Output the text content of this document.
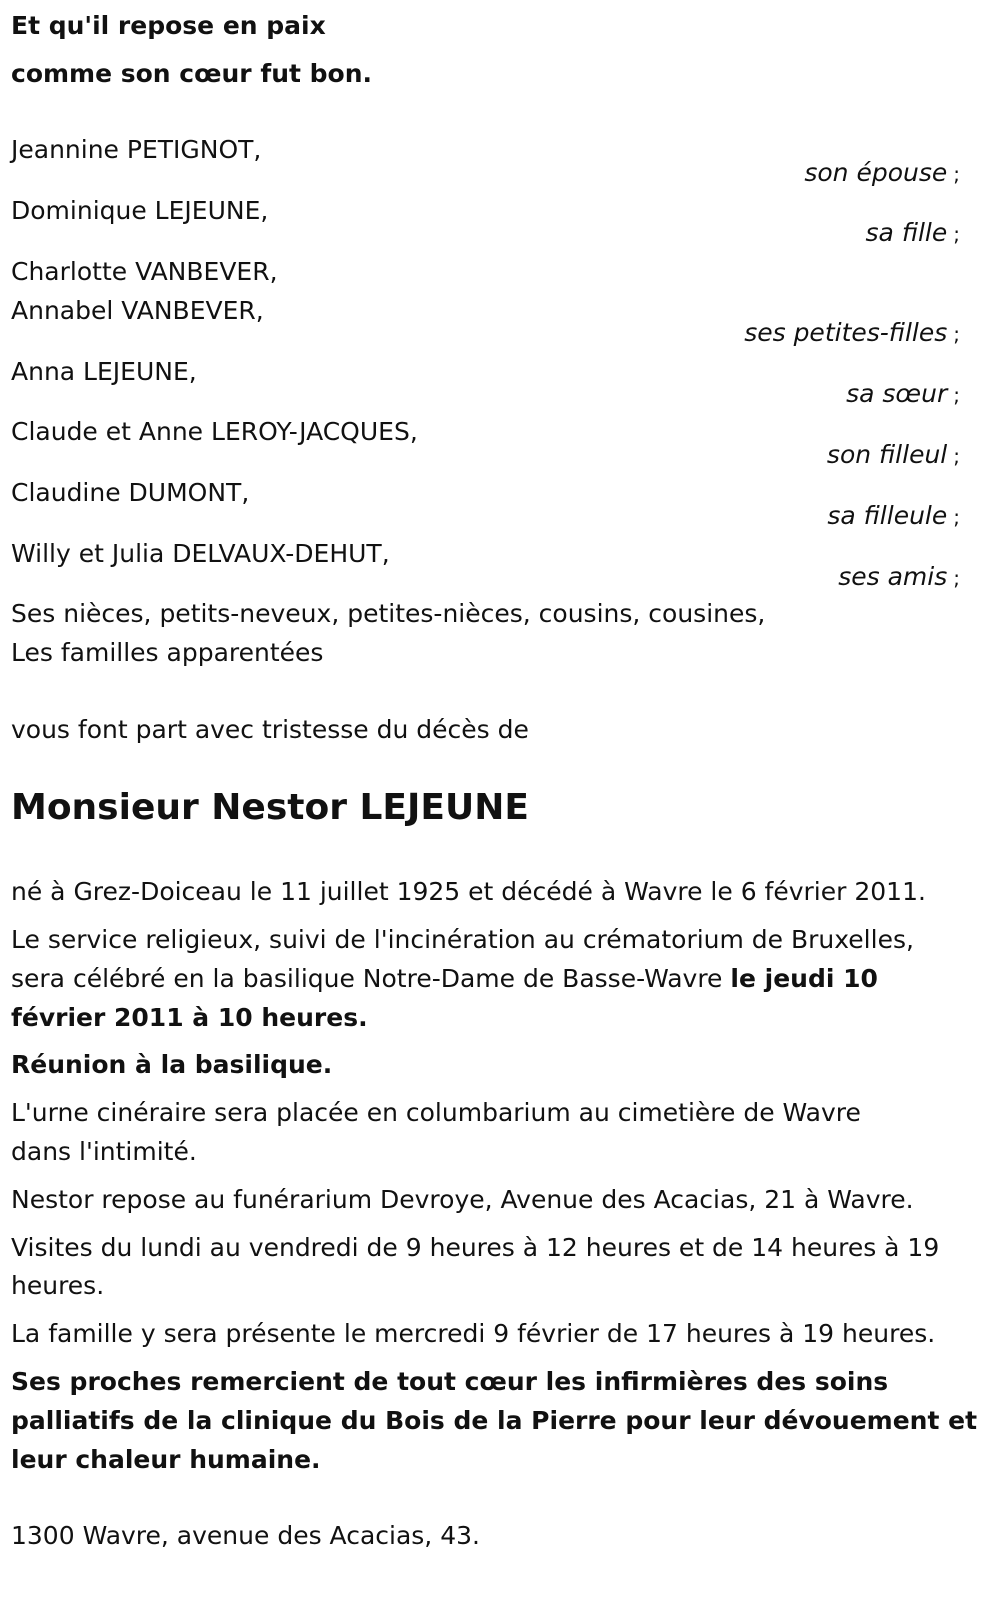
Et qu'il repose en paix
comme son cœur fut bon.
Jeannine PETIGNOT,
son épouse ;
Dominique LEJEUNE,
sa fille ;
Charlotte VANBEVER,
Annabel VANBEVER,
ses petites-filles ;
Anna LEJEUNE,
sa sœur ;
Claude et Anne LEROY-JACQUES,
son filleul ;
Claudine DUMONT,
sa filleule ;
Willy et Julia DELVAUX-DEHUT,
ses amis ;
Ses nièces, petits-neveux, petites-nièces, cousins, cousines,
Les familles apparentées
vous font part avec tristesse du décès de
Monsieur Nestor LEJEUNE
né à Grez-Doiceau le 11 juillet 1925 et décédé à Wavre le 6 février 2011.
Le service religieux, suivi de l'incinération au crématorium de Bruxelles,
sera célébré en la basilique Notre-Dame de Basse-Wavre le jeudi 10
février 2011 à 10 heures.
Réunion à la basilique.
L'urne cinéraire sera placée en columbarium au cimetière de Wavre
dans l'intimité.
Nestor repose au funérarium Devroye, Avenue des Acacias, 21 à Wavre.
Visites du lundi au vendredi de 9 heures à 12 heures et de 14 heures à 19
heures.
La famille y sera présente le mercredi 9 février de 17 heures à 19 heures.
Ses proches remercient de tout cœur les infirmières des soins
palliatifs de la clinique du Bois de la Pierre pour leur dévouement et
leur chaleur humaine.
1300 Wavre, avenue des Acacias, 43.
